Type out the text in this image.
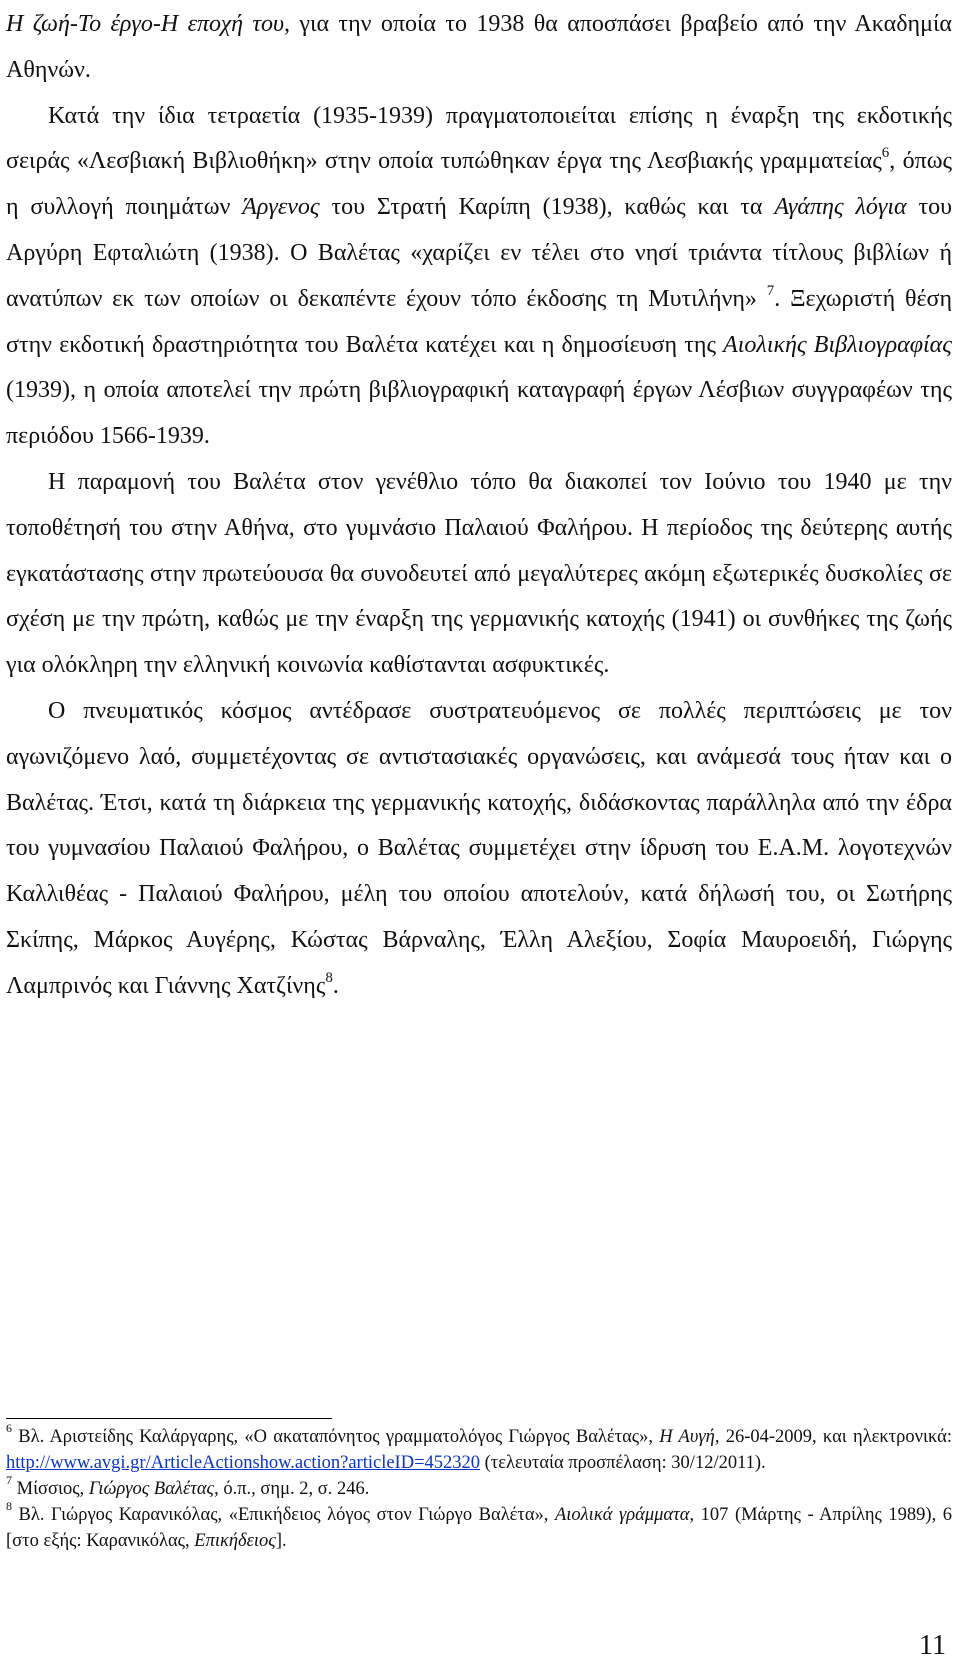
Η ζωή-Το έργο-Η εποχή του, για την οποία το 1938 θα αποσπάσει βραβείο από την Ακαδημία Αθηνών.

Κατά την ίδια τετραετία (1935-1939) πραγματοποιείται επίσης η έναρξη της εκδοτικής σειράς «Λεσβιακή Βιβλιοθήκη» στην οποία τυπώθηκαν έργα της Λεσβιακής γραμματείας$^6$, όπως η συλλογή ποιημάτων Άργενος του Στρατή Καρίπη (1938), καθώς και τα Αγάπης λόγια του Αργύρη Εφταλιώτη (1938). Ο Βαλέτας «χαρίζει εν τέλει στο νησί τριάντα τίτλους βιβλίων ή ανατύπων εκ των οποίων οι δεκαπέντε έχουν τόπο έκδοσης τη Μυτιλήνη» $^7$. Ξεχωριστή θέση στην εκδοτική δραστηριότητα του Βαλέτα κατέχει και η δημοσίευση της Αιολικής Βιβλιογραφίας (1939), η οποία αποτελεί την πρώτη βιβλιογραφική καταγραφή έργων Λέσβιων συγγραφέων της περιόδου 1566-1939.

Η παραμονή του Βαλέτα στον γενέθλιο τόπο θα διακοπεί τον Ιούνιο του 1940 με την τοποθέτησή του στην Αθήνα, στο γυμνάσιο Παλαιού Φαλήρου. Η περίοδος της δεύτερης αυτής εγκατάστασης στην πρωτεύουσα θα συνοδευτεί από μεγαλύτερες ακόμη εξωτερικές δυσκολίες σε σχέση με την πρώτη, καθώς με την έναρξη της γερμανικής κατοχής (1941) οι συνθήκες της ζωής για ολόκληρη την ελληνική κοινωνία καθίστανται ασφυκτικές.

Ο πνευματικός κόσμος αντέδρασε συστρατευόμενος σε πολλές περιπτώσεις με τον αγωνιζόμενο λαό, συμμετέχοντας σε αντιστασιακές οργανώσεις, και ανάμεσά τους ήταν και ο Βαλέτας. Έτσι, κατά τη διάρκεια της γερμανικής κατοχής, διδάσκοντας παράλληλα από την έδρα του γυμνασίου Παλαιού Φαλήρου, ο Βαλέτας συμμετέχει στην ίδρυση του Ε.Α.Μ. λογοτεχνών Καλλιθέας - Παλαιού Φαλήρου, μέλη του οποίου αποτελούν, κατά δήλωσή του, οι Σωτήρης Σκίπης, Μάρκος Αυγέρης, Κώστας Βάρναλης, Έλλη Αλεξίου, Σοφία Μαυροειδή, Γιώργης Λαμπρινός και Γιάννης Χατζίνης$^8$.

$^6$ Βλ. Αριστείδης Καλάργαρης, «Ο ακαταπόνητος γραμματολόγος Γιώργος Βαλέτας», Η Αυγή, 26-04-2009, και ηλεκτρονικά: http://www.avgi.gr/ArticleActionshow.action?articleID=452320 (τελευταία προσπέλαση: 30/12/2011).

$^7$ Μίσσιος, Γιώργος Βαλέτας, ό.π., σημ. 2, σ. 246.

$^8$ Βλ. Γιώργος Καρανικόλας, «Επικήδειος λόγος στον Γιώργο Βαλέτα», Αιολικά γράμματα, 107 (Μάρτης - Απρίλης 1989), 6 [στο εξής: Καρανικόλας, Επικήδειος].

11
